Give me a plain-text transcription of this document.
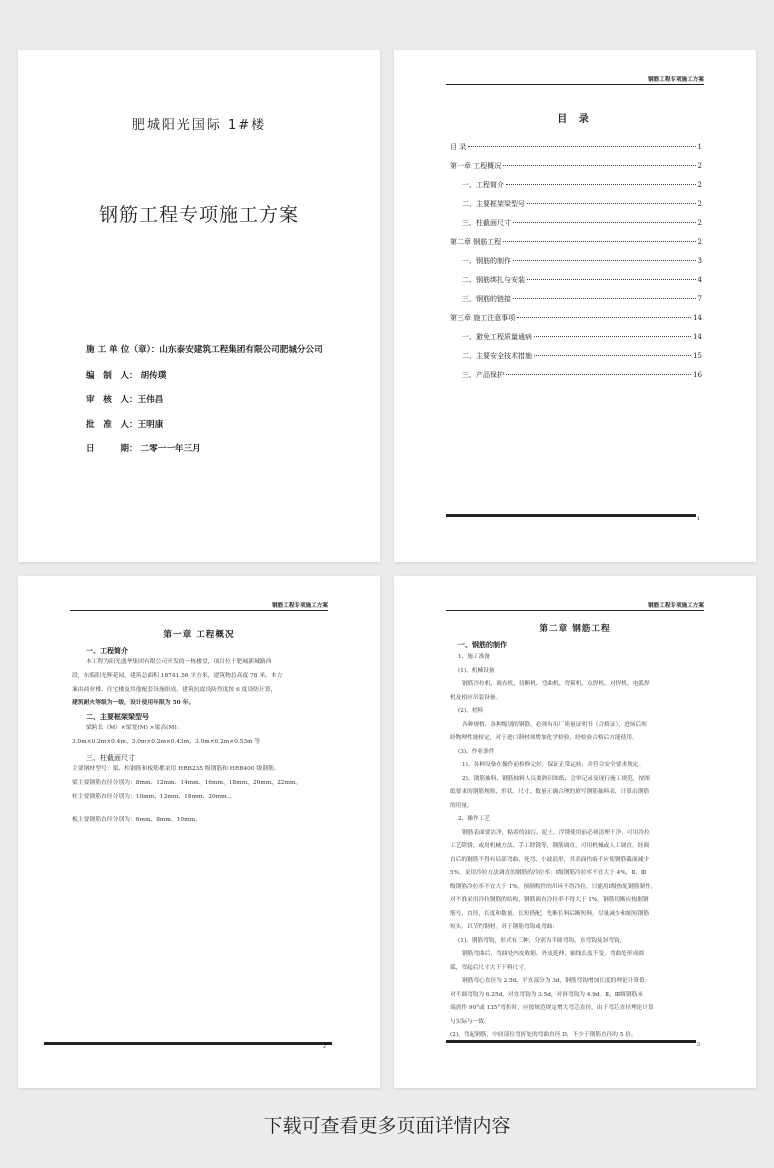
肥城阳光国际 1#楼
钢筋工程专项施工方案
施 工 单 位（章）：山东泰安建筑工程集团有限公司肥城分公司
编　制　人： 胡传璞
审　核　人：王伟昌
批　准　人：王明康
日　　　期： 二零一一年三月
钢筋工程专项施工方案
目 录
目 录	1
第一章 工程概况	2
一、工程简介	2
二、主要框架梁型号	2
三、柱截面尺寸	2
第二章 钢筋工程	2
一、钢筋的制作	3
二、钢筋绑扎与安装	4
三、钢筋的链接	7
第三章 施工注意事项	14
一、避免工程质量通病	14
二、主要安全技术措施	15
三、产品保护	16
1
钢筋工程专项施工方案
第一章 工程概况
一、工程简介

本工程为阳光盛华集团有限公司开发的一栋楼盘，项目位于肥城新城路西

段，东临阳光辉花园，建筑总面积 18741.56 平方米，建筑物总高度 78 米。本方

案由商业楼、住宅楼及其他配套设施组成，建筑抗震设防烈度按 6 度设防计算，

建筑耐火等级为一级，设计使用年限为 50 年。

二、主要框架梁型号

梁跨长（M）×梁宽(M) ×梁高(M)：

3.0m×0.2m×0.4m、3.0m×0.2m×0.43m、3.0m×0.2m×0.53m 等

三、柱截面尺寸

主要钢材型号：梁、柱钢筋和板筋都采用 HRB235 级钢筋和 HRB400 级钢筋。

梁主要钢筋直径分别为：8mm、12mm、14mm、16mm、18mm、20mm、22mm。

柱主要钢筋直径分别为：10mm、12mm、18mm、20mm。。

板主要钢筋直径分别为：6mm、8mm、10mm。

2
钢筋工程专项施工方案
第二章 钢筋工程
一、钢筋的制作

1、施工准备

(1)、机械设备

钢筋冷拉机、调直机、切断机、弯曲机、弯箍机、点焊机、对焊机、电弧焊

机及相应吊装设备。

(2)、材料

各种规格、各种级别的钢筋，必须有出厂质量证明书（合格证），进场后须

经物理性能检定，对于进口钢材须增加化学检验，经检验合格后方能使用。

(3)、作业条件

1)、各种设备在操作前检修完好，保证正常运转，并符合安全要求规定。

2)、钢筋抽料、钢筋抽料人员要熟识图纸、会审记录及现行施工规范，按图

纸要求的钢筋规格、形状、尺寸、数量正确合理的填写钢筋抽料表，计算出钢筋

的用量。

2、操作工艺

钢筋表面要洁净，粘着的油污、泥土、浮锈使用前必须清理干净，可用冷拉

工艺除锈，或用机械方法、手工除锈等，钢筋调直，可用机械或人工调直。经调

直后的钢筋不得有局部弯曲、死弯、小波浪形，其表面伤痕不应使钢筋截面减少

5%。采用冷拉方法调直的钢筋的冷拉率：Ⅰ级钢筋冷拉率不宜大于 4%，Ⅱ、Ⅲ

级钢筋冷拉率不宜大于 1%，预制构件的吊环不得冷拉，只能用Ⅰ级热轧钢筋制作，

对不准采用冷拉钢筋的结构，钢筋调直冷拉率不得大于 1%。钢筋切断应根据钢

筋号、直径、长度和数量，长短搭配，先断长料后断短料，尽量减少和缩短钢筋

短头，以节约钢材。对于钢筋弯钩或弯曲：

(1)、钢筋弯钩，形式有三种，分别为半圆弯钩、直弯钩及斜弯钩，

钢筋弯曲后，弯曲处内皮收缩、外皮延伸、轴线长度不变，弯曲处形成圆

弧，弯起后尺寸大于下料尺寸。

钢筋弯心直径为 2.5d，平直部分为 3d，钢筋弯钩增加长度的理论计算值：

对半圆弯钩为 6.25d，对直弯钩为 3.5d，对斜弯钩为 4.9d。Ⅱ、Ⅲ级钢筋末

端需作 90°或 135°弯折时，应按规范规定增大弯芯直径，由于弯芯直径理论计算

与实际与一致。

(2)、弯起钢筋，中间部位弯折处的弯曲直径 D，不少于钢筋直径的 5 倍。

3
下载可查看更多页面详情内容
